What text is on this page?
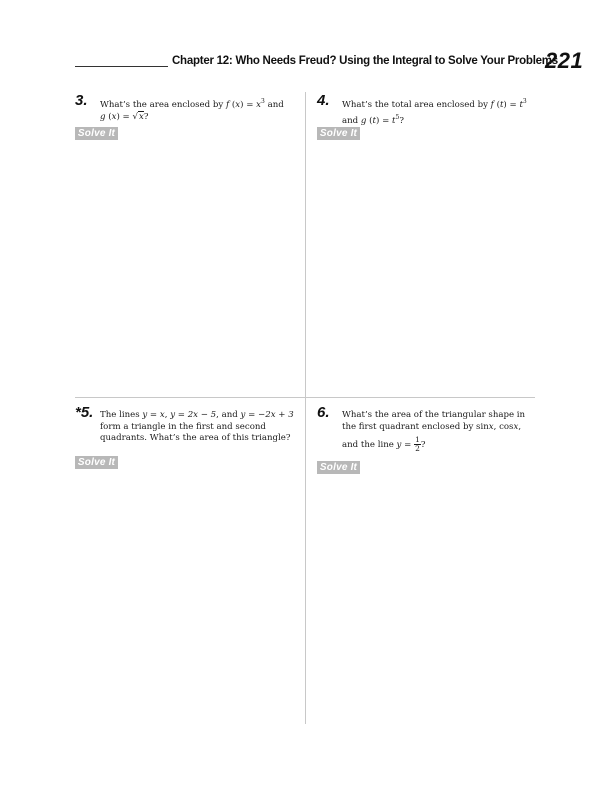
Chapter 12: Who Needs Freud? Using the Integral to Solve Your Problems
221
3. What’s the area enclosed by f $(x) = x^3$ and
g (x) = √x?
Solve It
4. What’s the total area enclosed by f $(t) = t^3$
and g $(t) = t^5$?
Solve It
*5. The lines y = x, y = 2x − 5, and y = −2x + 3
form a triangle in the first and second
quadrants. What’s the area of this triangle?
Solve It
6. What’s the area of the triangular shape in
the first quadrant enclosed by sinx, cosx,
and the line $y = \frac{1}{2}$ ?
Solve It
